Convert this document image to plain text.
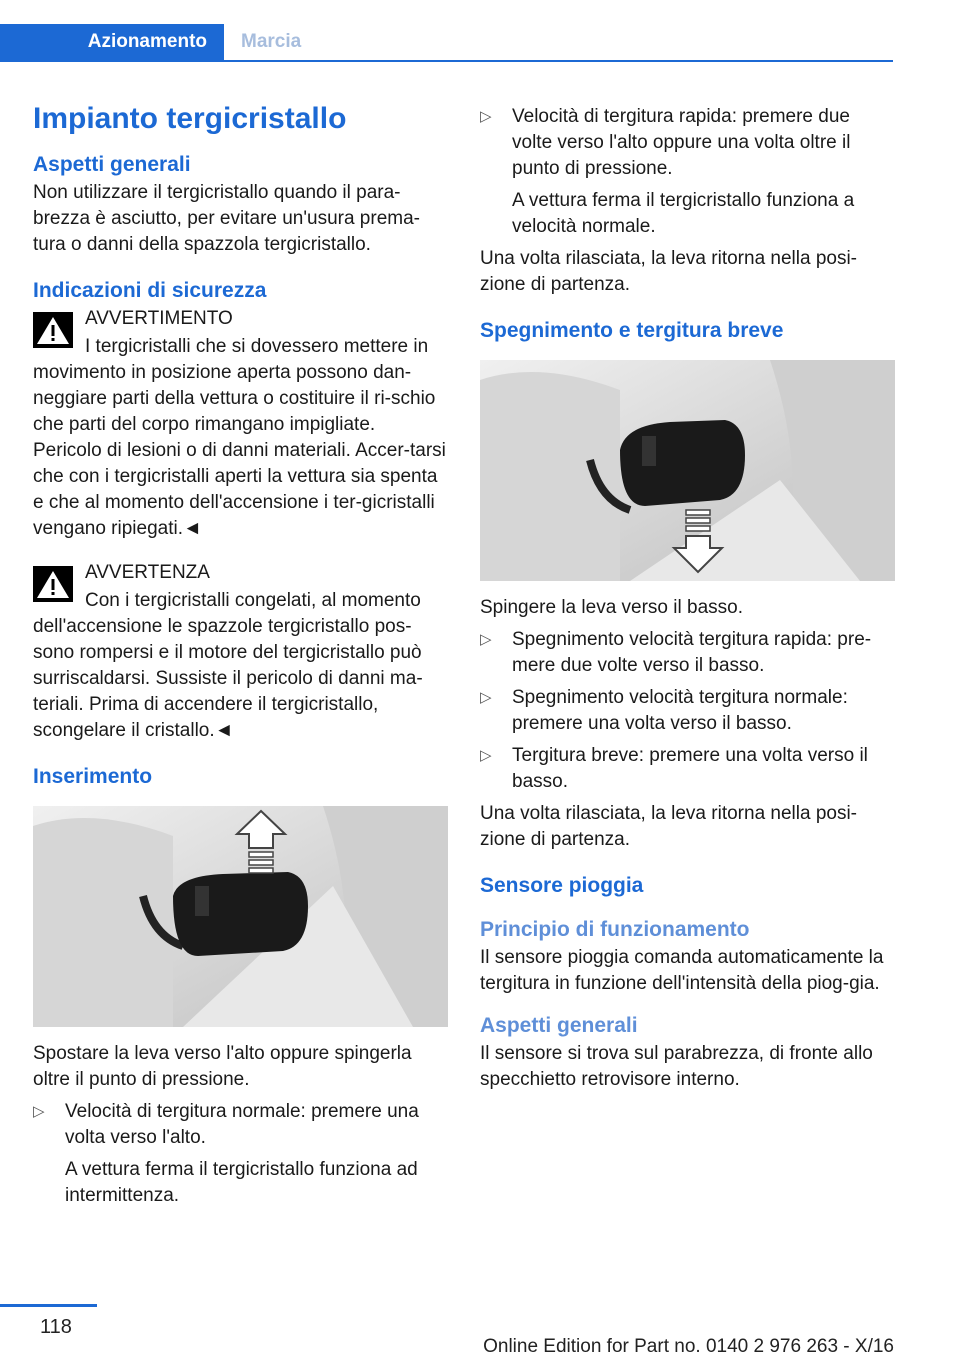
Azionamento	Marcia
Impianto tergicristallo
Aspetti generali

Non utilizzare il tergicristallo quando il para-brezza è asciutto, per evitare un'usura prema-tura o danni della spazzola tergicristallo.

Indicazioni di sicurezza
AVVERTIMENTO
I tergicristalli che si dovessero mettere in movimento in posizione aperta possono dan-neggiare parti della vettura o costituire il ri-schio che parti del corpo rimangano impigliate. Pericolo di lesioni o di danni materiali. Accer-tarsi che con i tergicristalli aperti la vettura sia spenta e che al momento dell'accensione i ter-gicristalli vengano ripiegati.◄
AVVERTENZA
Con i tergicristalli congelati, al momento dell'accensione le spazzole tergicristallo pos-sono rompersi e il motore del tergicristallo può surriscaldarsi. Sussiste il pericolo di danni ma-teriali. Prima di accendere il tergicristallo, scongelare il cristallo.◄
Inserimento

Spostare la leva verso l'alto oppure spingerla oltre il punto di pressione.

▷ Velocità di tergitura normale: premere una volta verso l'alto.
A vettura ferma il tergicristallo funziona ad intermittenza.
▷ Velocità di tergitura rapida: premere due volte verso l'alto oppure una volta oltre il punto di pressione.
A vettura ferma il tergicristallo funziona a velocità normale.

Una volta rilasciata, la leva ritorna nella posi-zione di partenza.

Spegnimento e tergitura breve

Spingere la leva verso il basso.

▷ Spegnimento velocità tergitura rapida: pre-mere due volte verso il basso.
▷ Spegnimento velocità tergitura normale: premere una volta verso il basso.
▷ Tergitura breve: premere una volta verso il basso.

Una volta rilasciata, la leva ritorna nella posi-zione di partenza.

Sensore pioggia
Principio di funzionamento

Il sensore pioggia comanda automaticamente la tergitura in funzione dell'intensità della piog-gia.

Aspetti generali

Il sensore si trova sul parabrezza, di fronte allo specchietto retrovisore interno.

118
Online Edition for Part no. 0140 2 976 263 - X/16
